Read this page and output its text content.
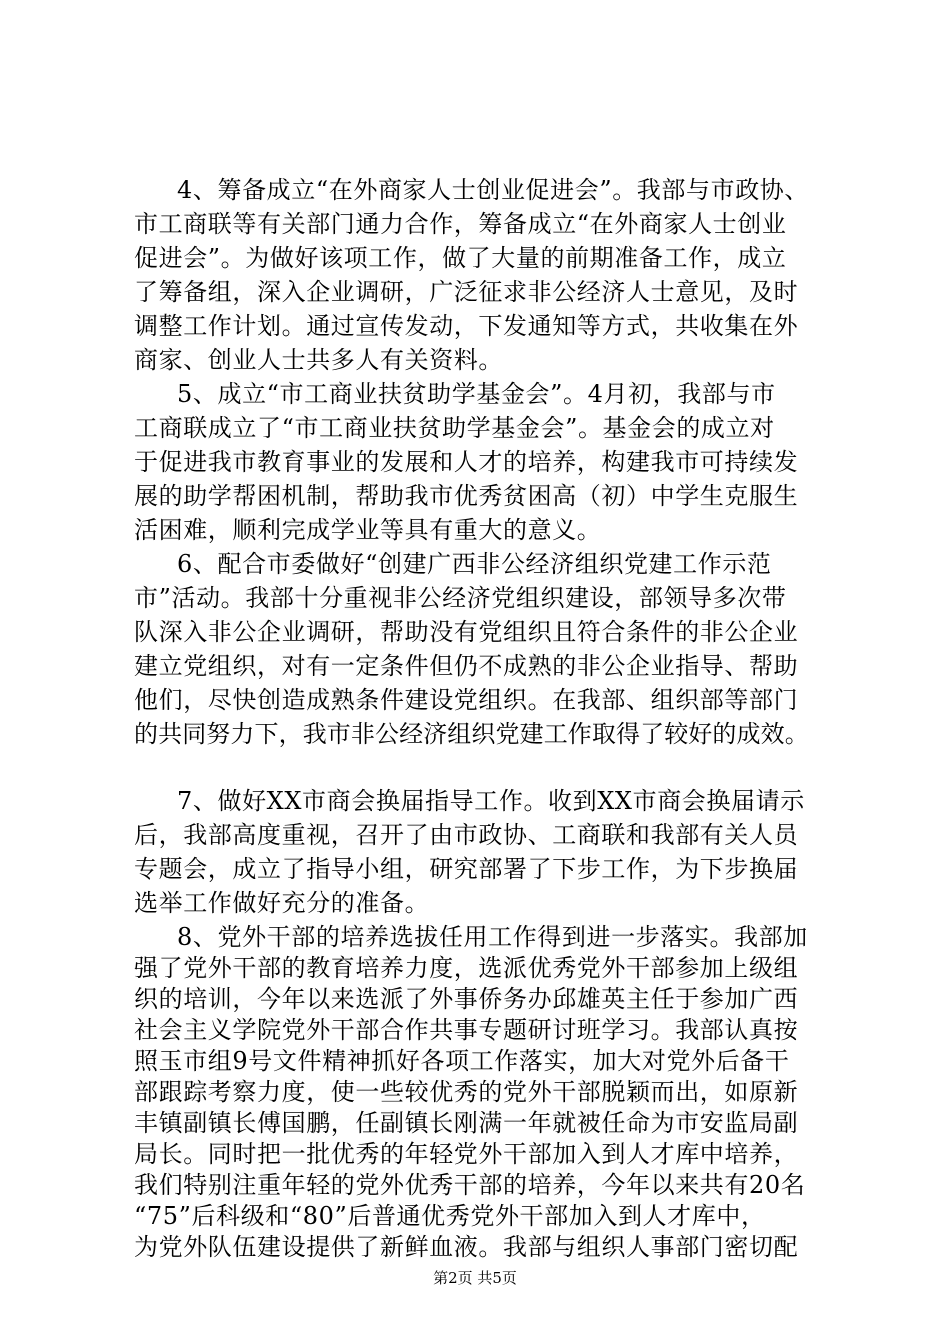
4、筹备成立“在外商家人士创业促进会”。我部与市政协、
市工商联等有关部门通力合作，筹备成立“在外商家人士创业
促进会”。为做好该项工作，做了大量的前期准备工作，成立
了筹备组，深入企业调研，广泛征求非公经济人士意见，及时
调整工作计划。通过宣传发动，下发通知等方式，共收集在外
商家、创业人士共多人有关资料。
5、成立“市工商业扶贫助学基金会”。4月初，我部与市
工商联成立了“市工商业扶贫助学基金会”。基金会的成立对
于促进我市教育事业的发展和人才的培养，构建我市可持续发
展的助学帮困机制，帮助我市优秀贫困高（初）中学生克服生
活困难，顺利完成学业等具有重大的意义。
6、配合市委做好“创建广西非公经济组织党建工作示范
市”活动。我部十分重视非公经济党组织建设，部领导多次带
队深入非公企业调研，帮助没有党组织且符合条件的非公企业
建立党组织，对有一定条件但仍不成熟的非公企业指导、帮助
他们，尽快创造成熟条件建设党组织。在我部、组织部等部门
的共同努力下，我市非公经济组织党建工作取得了较好的成效。
7、做好XX市商会换届指导工作。收到XX市商会换届请示
后，我部高度重视，召开了由市政协、工商联和我部有关人员
专题会，成立了指导小组，研究部署了下步工作，为下步换届
选举工作做好充分的准备。
8、党外干部的培养选拔任用工作得到进一步落实。我部加
强了党外干部的教育培养力度，选派优秀党外干部参加上级组
织的培训，今年以来选派了外事侨务办邱雄英主任于参加广西
社会主义学院党外干部合作共事专题研讨班学习。我部认真按
照玉市组9号文件精神抓好各项工作落实，加大对党外后备干
部跟踪考察力度，使一些较优秀的党外干部脱颖而出，如原新
丰镇副镇长傅国鹏，任副镇长刚满一年就被任命为市安监局副
局长。同时把一批优秀的年轻党外干部加入到人才库中培养，
我们特别注重年轻的党外优秀干部的培养，今年以来共有20名
“75”后科级和“80”后普通优秀党外干部加入到人才库中，
第2页 共5页
为党外队伍建设提供了新鲜血液。我部与组织人事部门密切配
